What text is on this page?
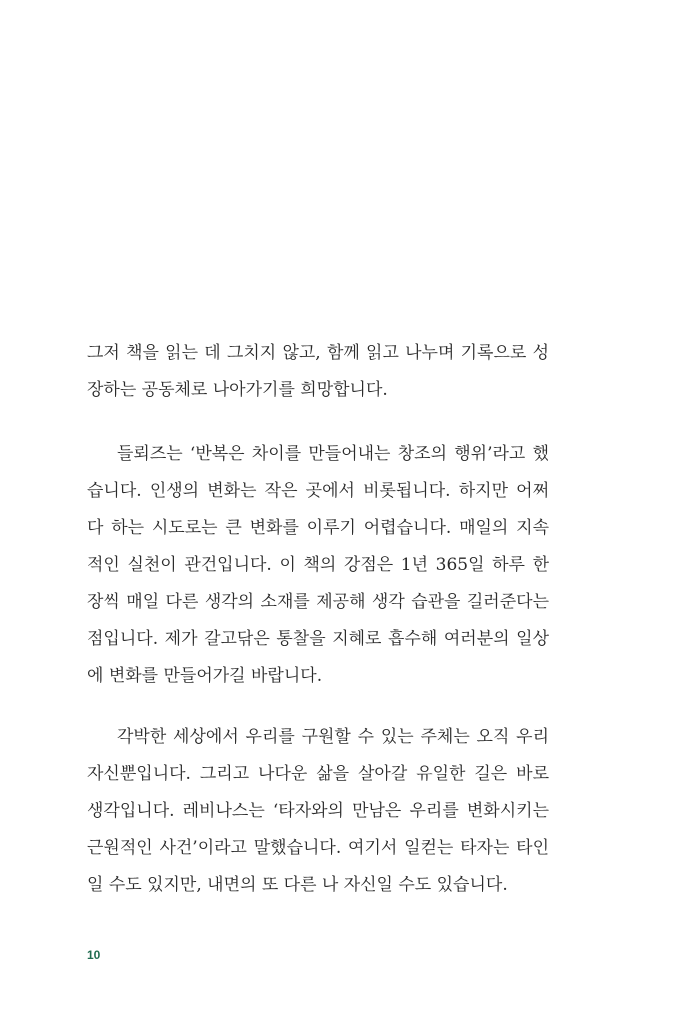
그저 책을 읽는 데 그치지 않고, 함께 읽고 나누며 기록으로 성
장하는 공동체로 나아가기를 희망합니다.
들뢰즈는 ‘반복은 차이를 만들어내는 창조의 행위’라고 했
습니다. 인생의 변화는 작은 곳에서 비롯됩니다. 하지만 어쩌
다 하는 시도로는 큰 변화를 이루기 어렵습니다. 매일의 지속
적인 실천이 관건입니다. 이 책의 강점은 1년 365일 하루 한
장씩 매일 다른 생각의 소재를 제공해 생각 습관을 길러준다는
점입니다. 제가 갈고닦은 통찰을 지혜로 흡수해 여러분의 일상
에 변화를 만들어가길 바랍니다.
각박한 세상에서 우리를 구원할 수 있는 주체는 오직 우리
자신뿐입니다. 그리고 나다운 삶을 살아갈 유일한 길은 바로
생각입니다. 레비나스는 ‘타자와의 만남은 우리를 변화시키는
근원적인 사건’이라고 말했습니다. 여기서 일컫는 타자는 타인
일 수도 있지만, 내면의 또 다른 나 자신일 수도 있습니다.
10
